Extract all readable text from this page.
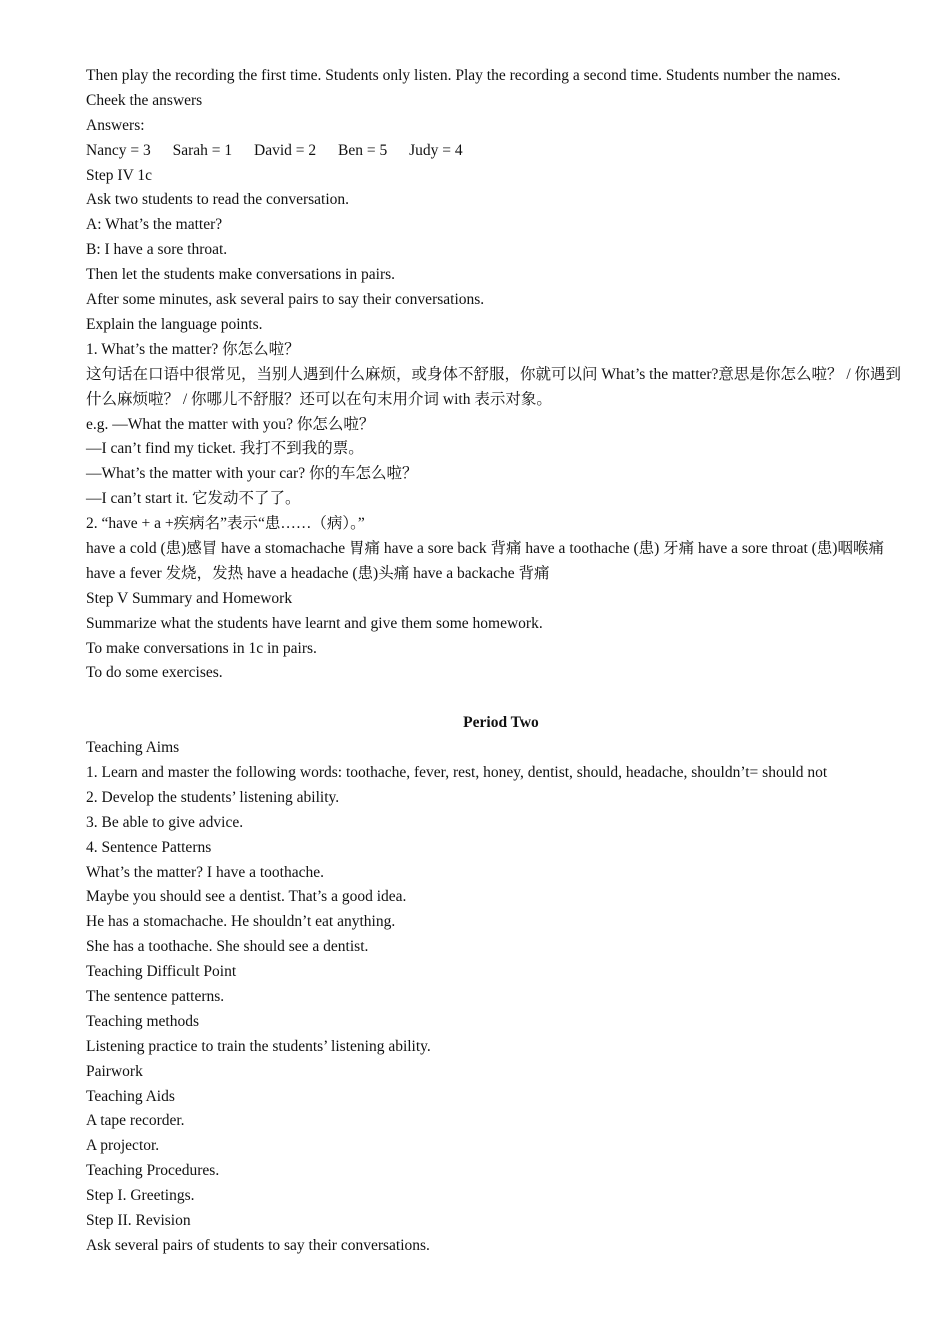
Then play the recording the first time. Students only listen. Play the recording a second time. Students number the names.
Cheek the answers
Answers:
Nancy = 3 Sarah = 1 David = 2 Ben = 5 Judy = 4
Step IV 1c
Ask two students to read the conversation.
A: What’s the matter?
B: I have a sore throat.
Then let the students make conversations in pairs.
After some minutes, ask several pairs to say their conversations.
Explain the language points.
1. What’s the matter? 你怎么啦？
这句话在口语中很常见，当别人遇到什么麻烦，或身体不舒服，你就可以问 What’s the matter?意思是你怎么啦？ / 你遇到什么麻烦啦？ / 你哪儿不舒服？还可以在句末用介词 with 表示对象。
e.g. —What the matter with you? 你怎么啦？
—I can’t find my ticket. 我打不到我的票。
—What’s the matter with your car? 你的车怎么啦？
—I can’t start it. 它发动不了了。
2. “have + a +疾病名”表示“患……（病）。”
have a cold (患)感冒 have a stomachache 胃痛 have a sore back 背痛 have a toothache (患) 牙痛 have a sore throat (患)咽喉痛 have a fever 发烧，发热 have a headache (患)头痛 have a backache 背痛
Step V Summary and Homework
Summarize what the students have learnt and give them some homework.
To make conversations in 1c in pairs.
To do some exercises.
Period Two
Teaching Aims
1. Learn and master the following words: toothache, fever, rest, honey, dentist, should, headache, shouldn’t= should not
2. Develop the students’ listening ability.
3. Be able to give advice.
4. Sentence Patterns
What’s the matter? I have a toothache.
Maybe you should see a dentist. That’s a good idea.
He has a stomachache. He shouldn’t eat anything.
She has a toothache. She should see a dentist.
Teaching Difficult Point
The sentence patterns.
Teaching methods
Listening practice to train the students’ listening ability.
Pairwork
Teaching Aids
A tape recorder.
A projector.
Teaching Procedures.
Step I. Greetings.
Step II. Revision
Ask several pairs of students to say their conversations.
